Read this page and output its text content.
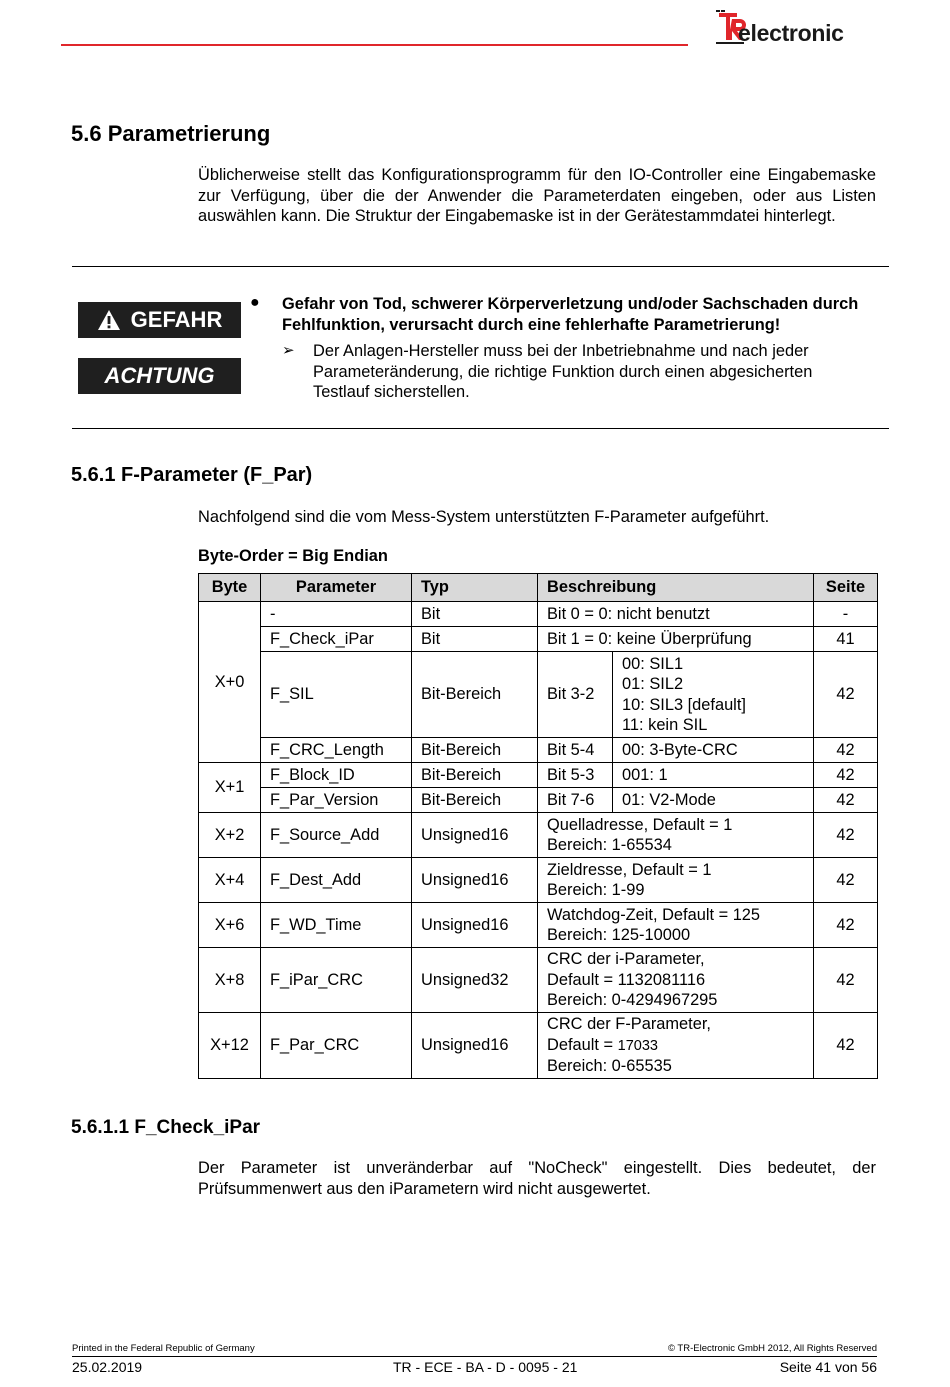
electronic
5.6 Parametrierung
Üblicherweise stellt das Konfigurationsprogramm für den IO-Controller eine Eingabemaske zur Verfügung, über die der Anwender die Parameterdaten eingeben, oder aus Listen auswählen kann. Die Struktur der Eingabemaske ist in der Gerätestammdatei hinterlegt.
GEFAHR
ACHTUNG
● Gefahr von Tod, schwerer Körperverletzung und/oder Sachschaden durch Fehlfunktion, verursacht durch eine fehlerhafte Parametrierung!
➢ Der Anlagen-Hersteller muss bei der Inbetriebnahme und nach jeder Parameteränderung, die richtige Funktion durch einen abgesicherten Testlauf sicherstellen.
5.6.1 F-Parameter (F_Par)
Nachfolgend sind die vom Mess-System unterstützten F-Parameter aufgeführt.
Byte-Order = Big Endian
Byte	Parameter	Typ	Beschreibung		Seite
X+0	-	Bit	Bit 0 = 0: nicht benutzt		-
	F_Check_iPar	Bit	Bit 1 = 0: keine Überprüfung		41
	F_SIL	Bit-Bereich	Bit 3-2	00: SIL1
01: SIL2
10: SIL3 [default]
11: kein SIL	42
	F_CRC_Length	Bit-Bereich	Bit 5-4	00: 3-Byte-CRC	42
X+1	F_Block_ID	Bit-Bereich	Bit 5-3	001: 1	42
	F_Par_Version	Bit-Bereich	Bit 7-6	01: V2-Mode	42
X+2	F_Source_Add	Unsigned16	Quelladresse, Default = 1
Bereich: 1-65534		42
X+4	F_Dest_Add	Unsigned16	Zieldresse, Default = 1
Bereich: 1-99		42
X+6	F_WD_Time	Unsigned16	Watchdog-Zeit, Default = 125
Bereich: 125-10000		42
X+8	F_iPar_CRC	Unsigned32	CRC der i-Parameter,
Default = 1132081116
Bereich: 0-4294967295		42
X+12	F_Par_CRC	Unsigned16	CRC der F-Parameter,
Default = 17033
Bereich: 0-65535		42
5.6.1.1 F_Check_iPar
Der Parameter ist unveränderbar auf "NoCheck" eingestellt. Dies bedeutet, der Prüfsummenwert aus den iParametern wird nicht ausgewertet.
Printed in the Federal Republic of Germany	© TR-Electronic GmbH 2012, All Rights Reserved
25.02.2019	TR - ECE - BA - D - 0095 - 21	Seite 41 von 56
